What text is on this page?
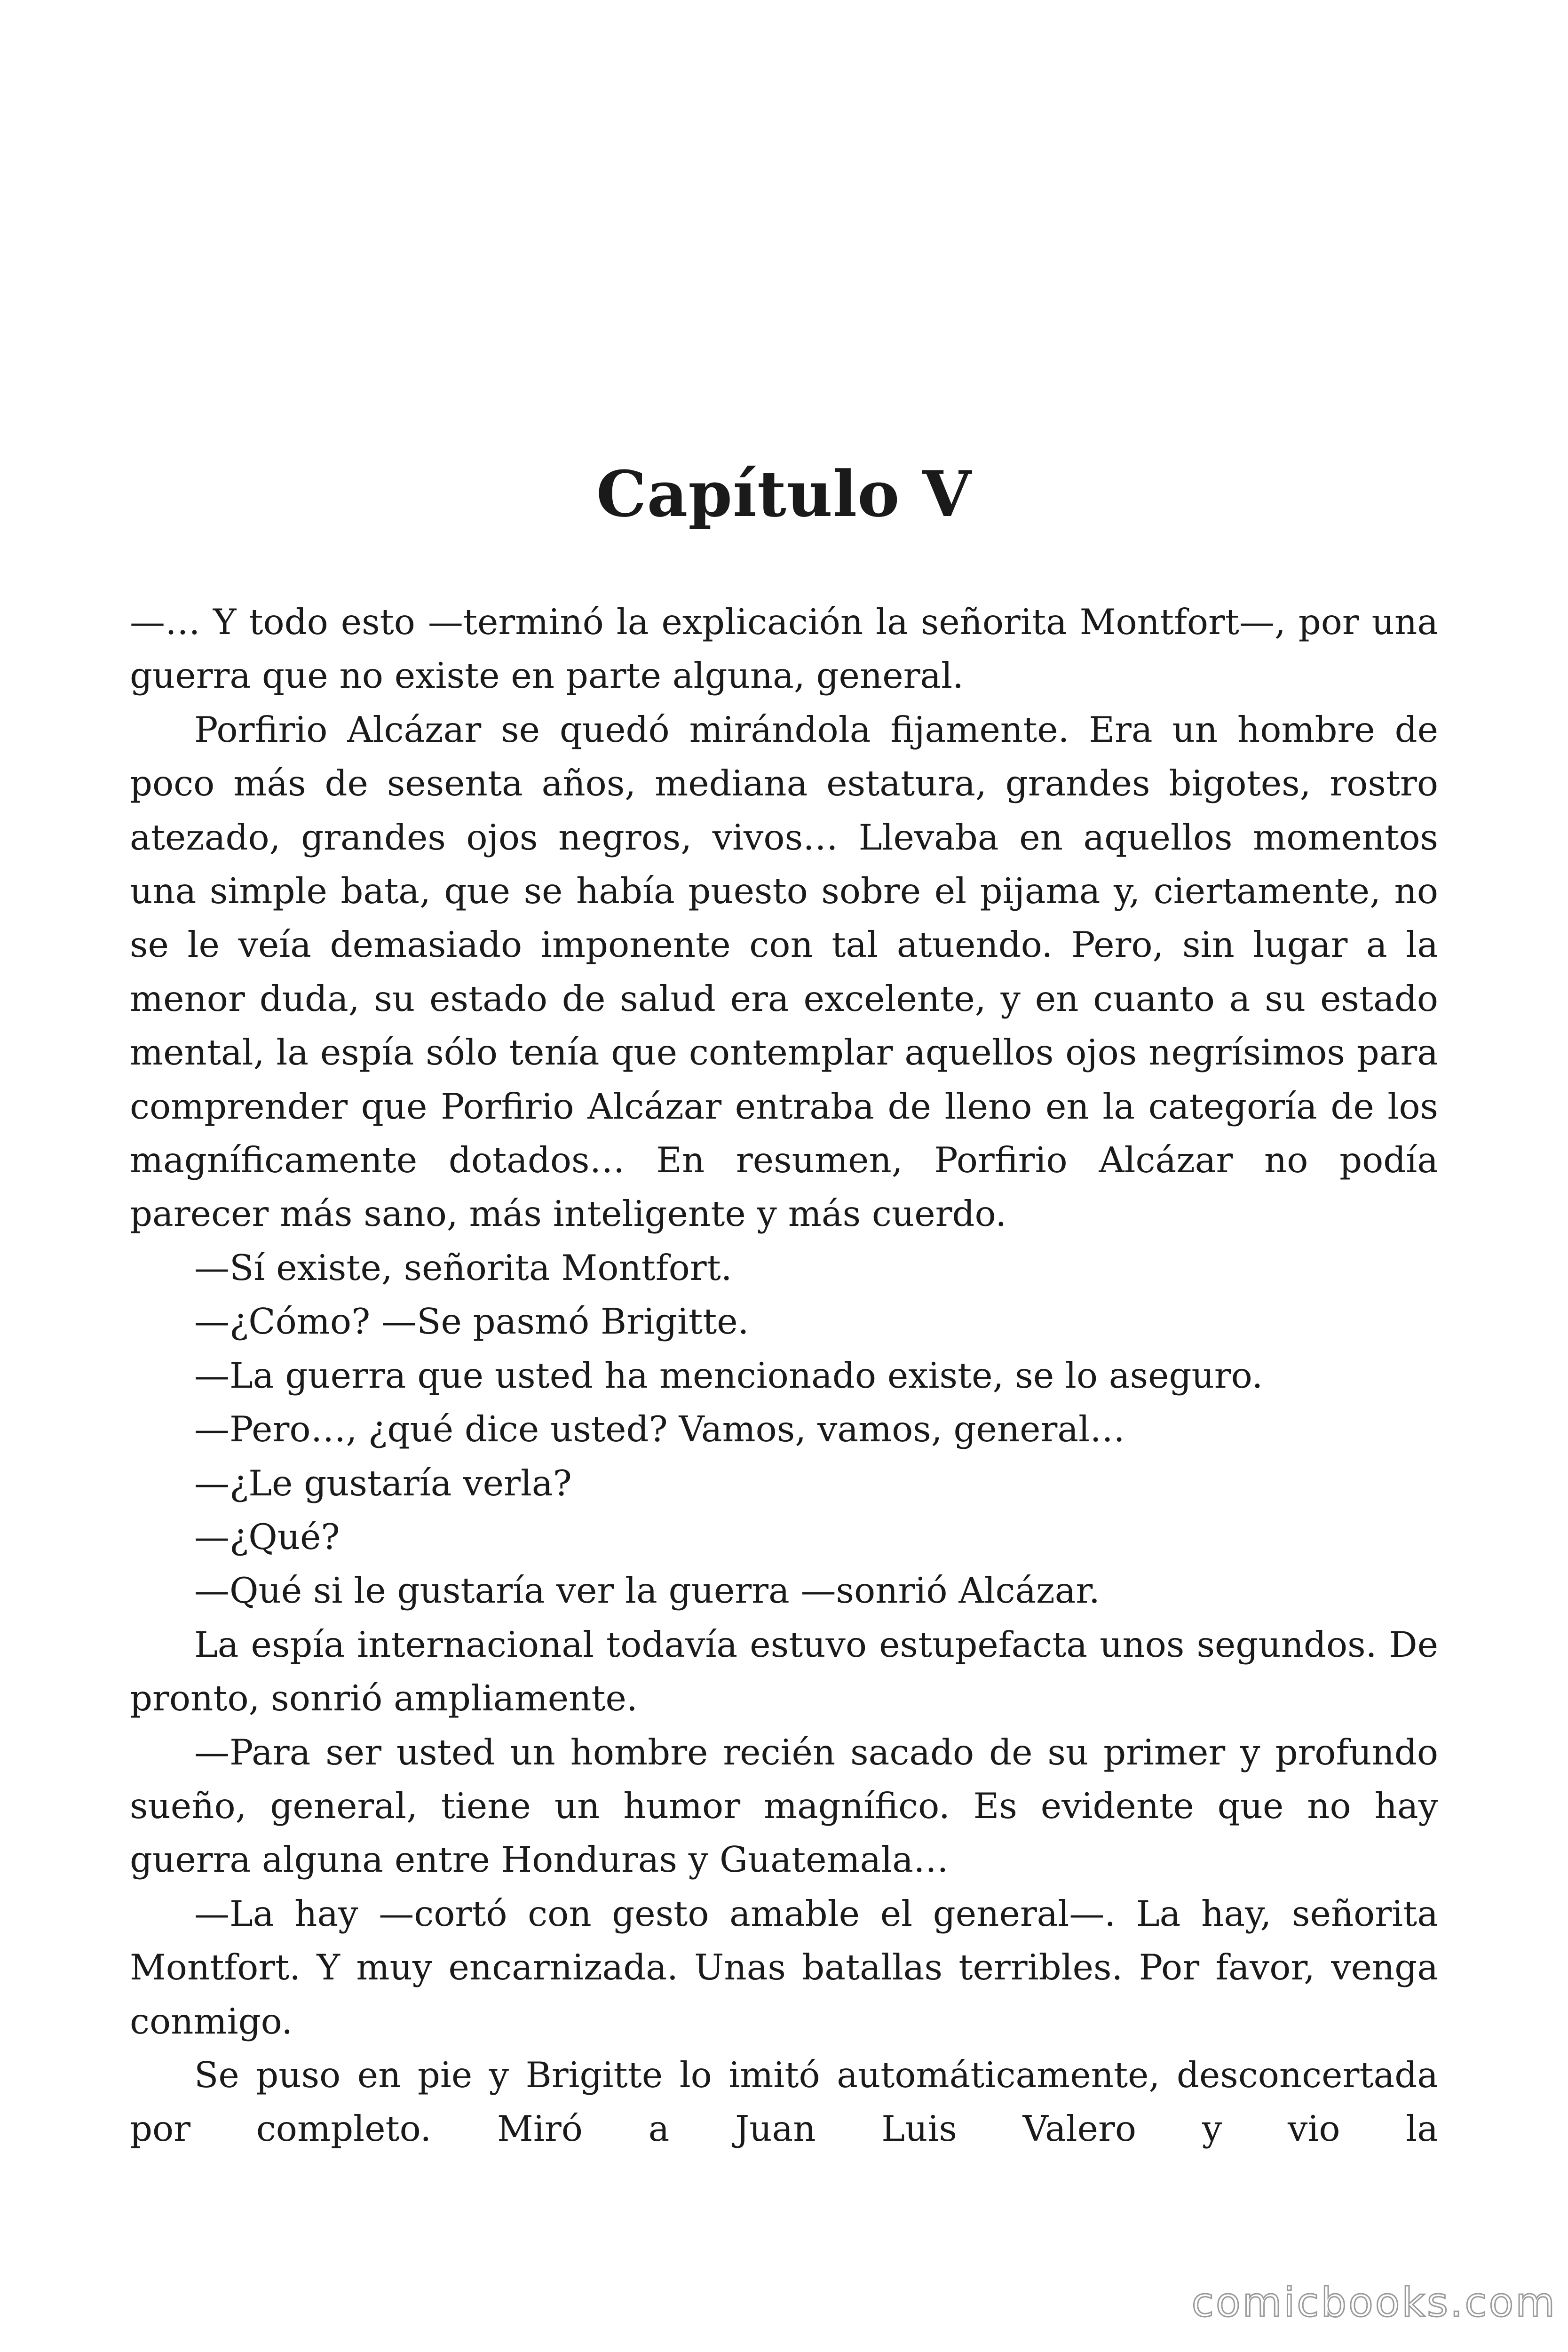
Capítulo V

—… Y todo esto —terminó la explicación la señorita Montfort—, por una guerra que no existe en parte alguna, general.

Porfirio Alcázar se quedó mirándola fijamente. Era un hombre de poco más de sesenta años, mediana estatura, grandes bigotes, rostro atezado, grandes ojos negros, vivos… Llevaba en aquellos momentos una simple bata, que se había puesto sobre el pijama y, ciertamente, no se le veía demasiado imponente con tal atuendo. Pero, sin lugar a la menor duda, su estado de salud era excelente, y en cuanto a su estado mental, la espía sólo tenía que contemplar aquellos ojos negrísimos para comprender que Porfirio Alcázar entraba de lleno en la categoría de los magníficamente dotados… En resumen, Porfirio Alcázar no podía parecer más sano, más inteligente y más cuerdo.

—Sí existe, señorita Montfort.

—¿Cómo? —Se pasmó Brigitte.

—La guerra que usted ha mencionado existe, se lo aseguro.

—Pero…, ¿qué dice usted? Vamos, vamos, general…

—¿Le gustaría verla?

—¿Qué?

—Qué si le gustaría ver la guerra —sonrió Alcázar.

La espía internacional todavía estuvo estupefacta unos segundos. De pronto, sonrió ampliamente.

—Para ser usted un hombre recién sacado de su primer y profundo sueño, general, tiene un humor magnífico. Es evidente que no hay guerra alguna entre Honduras y Guatemala…

—La hay —cortó con gesto amable el general—. La hay, señorita Montfort. Y muy encarnizada. Unas batallas terribles. Por favor, venga conmigo.

Se puso en pie y Brigitte lo imitó automáticamente, desconcertada por completo. Miró a Juan Luis Valero y vio la

comicbooks.com
